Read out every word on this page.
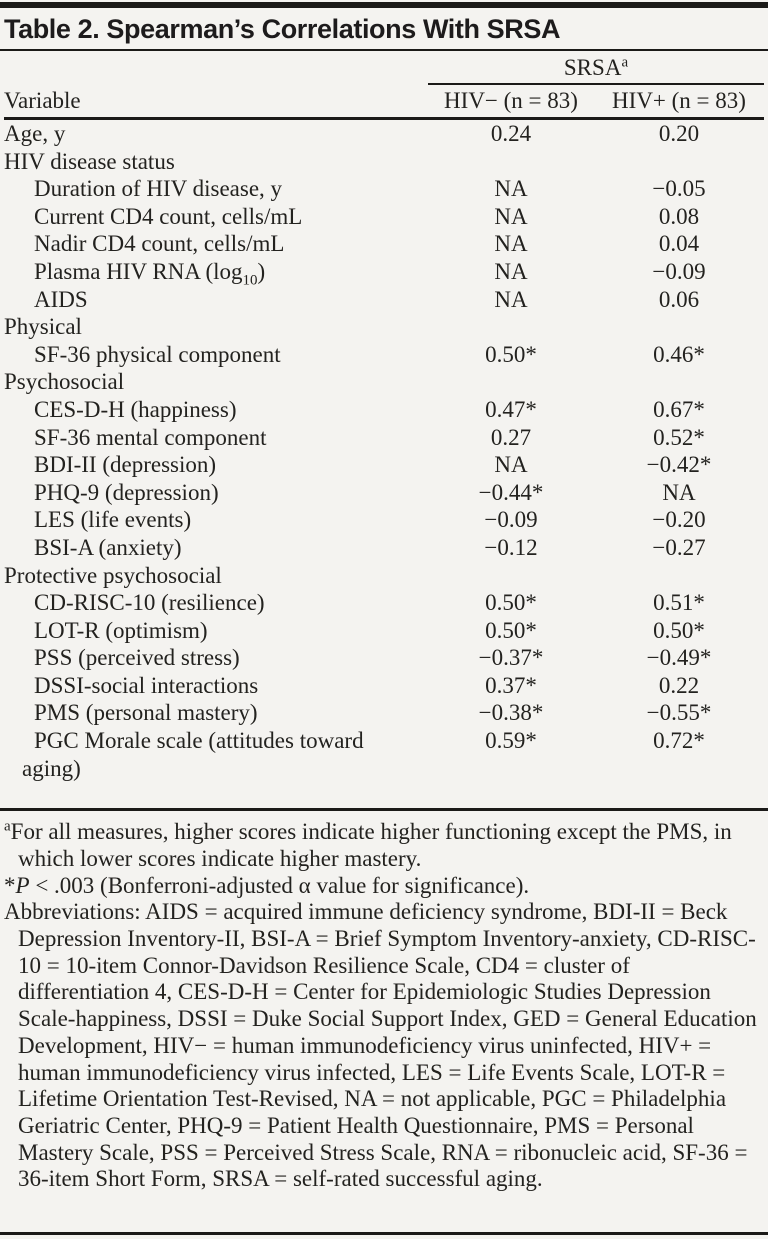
Table 2. Spearman’s Correlations With SRSA
	SRSA$^a$
Variable	HIV− (n = 83)	HIV+ (n = 83)
Age, y	0.24	0.20
HIV disease status		
Duration of HIV disease, y	NA	−0.05
Current CD4 count, cells/mL	NA	0.08
Nadir CD4 count, cells/mL	NA	0.04
Plasma HIV RNA $(\log_{10})$	NA	−0.09
AIDS	NA	0.06
Physical		
SF-36 physical component	0.50*	0.46*
Psychosocial		
CES-D-H (happiness)	0.47*	0.67*
SF-36 mental component	0.27	0.52*
BDI-II (depression)	NA	−0.42*
PHQ-9 (depression)	−0.44*	NA
LES (life events)	−0.09	−0.20
BSI-A (anxiety)	−0.12	−0.27
Protective psychosocial		
CD-RISC-10 (resilience)	0.50*	0.51*
LOT-R (optimism)	0.50*	0.50*
PSS (perceived stress)	−0.37*	−0.49*
DSSI-social interactions	0.37*	0.22
PMS (personal mastery)	−0.38*	−0.55*
PGC Morale scale (attitudes toward
aging)	0.59*	0.72*

$^a$For all measures, higher scores indicate higher functioning except the PMS, in which lower scores indicate higher mastery.

*P < .003 (Bonferroni-adjusted α value for significance).

Abbreviations: AIDS = acquired immune deficiency syndrome, BDI-II = Beck Depression Inventory-II, BSI-A = Brief Symptom Inventory-anxiety, CD-RISC-10 = 10-item Connor-Davidson Resilience Scale, CD4 = cluster of differentiation 4, CES-D-H = Center for Epidemiologic Studies Depression Scale-happiness, DSSI = Duke Social Support Index, GED = General Education Development, HIV− = human immunodeficiency virus uninfected, HIV+ = human immunodeficiency virus infected, LES = Life Events Scale, LOT-R = Lifetime Orientation Test-Revised, NA = not applicable, PGC = Philadelphia Geriatric Center, PHQ-9 = Patient Health Questionnaire, PMS = Personal Mastery Scale, PSS = Perceived Stress Scale, RNA = ribonucleic acid, SF-36 = 36-item Short Form, SRSA = self-rated successful aging.
